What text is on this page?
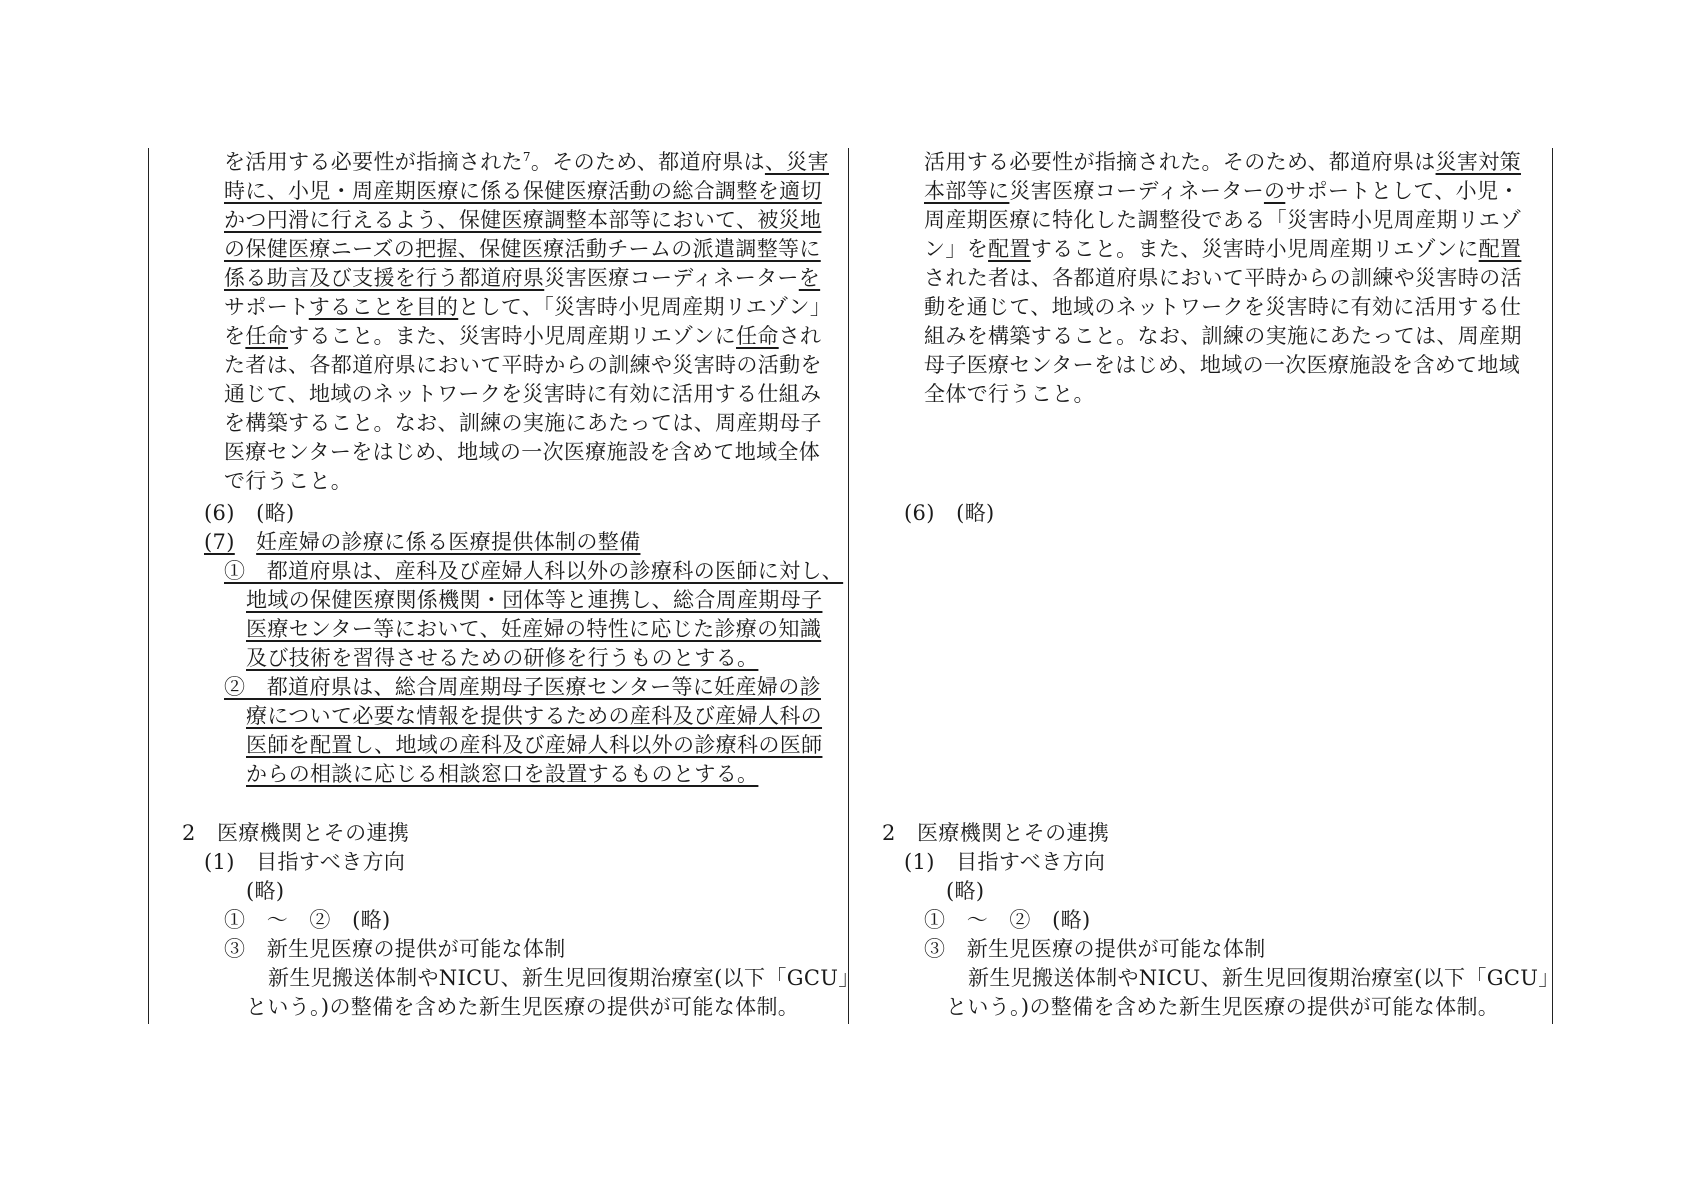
を活用する必要性が指摘された$^7$。そのため、都道府県は、災害
時に、小児・周産期医療に係る保健医療活動の総合調整を適切
かつ円滑に行えるよう、保健医療調整本部等において、被災地
の保健医療ニーズの把握、保健医療活動チームの派遣調整等に
係る助言及び支援を行う都道府県災害医療コーディネーターを
サポートすることを目的として、「災害時小児周産期リエゾン」
を任命すること。また、災害時小児周産期リエゾンに任命され
た者は、各都道府県において平時からの訓練や災害時の活動を
通じて、地域のネットワークを災害時に有効に活用する仕組み
を構築すること。なお、訓練の実施にあたっては、周産期母子
医療センターをはじめ、地域の一次医療施設を含めて地域全体
で行うこと。
(6)　(略)
(7)　 妊産婦の診療に係る医療提供体制の整備
①　都道府県は、産科及び産婦人科以外の診療科の医師に対し、
地域の保健医療関係機関・団体等と連携し、総合周産期母子
医療センター等において、妊産婦の特性に応じた診療の知識
及び技術を習得させるための研修を行うものとする。
②　都道府県は、総合周産期母子医療センター等に妊産婦の診
療について必要な情報を提供するための産科及び産婦人科の
医師を配置し、地域の産科及び産婦人科以外の診療科の医師
からの相談に応じる相談窓口を設置するものとする。
2　医療機関とその連携
(1)　目指すべき方向
(略)
①　～　②　(略)
③　新生児医療の提供が可能な体制
新生児搬送体制やNICU、新生児回復期治療室(以下「GCU」
という。)の整備を含めた新生児医療の提供が可能な体制。
活用する必要性が指摘された。そのため、都道府県は災害対策
本部等に災害医療コーディネーターのサポートとして、小児・
周産期医療に特化した調整役である「災害時小児周産期リエゾ
ン」を配置すること。また、災害時小児周産期リエゾンに配置
された者は、各都道府県において平時からの訓練や災害時の活
動を通じて、地域のネットワークを災害時に有効に活用する仕
組みを構築すること。なお、訓練の実施にあたっては、周産期
母子医療センターをはじめ、地域の一次医療施設を含めて地域
全体で行うこと。
(6)　(略)
2　医療機関とその連携
(1)　目指すべき方向
(略)
①　～　②　(略)
③　新生児医療の提供が可能な体制
新生児搬送体制やNICU、新生児回復期治療室(以下「GCU」
という。)の整備を含めた新生児医療の提供が可能な体制。
